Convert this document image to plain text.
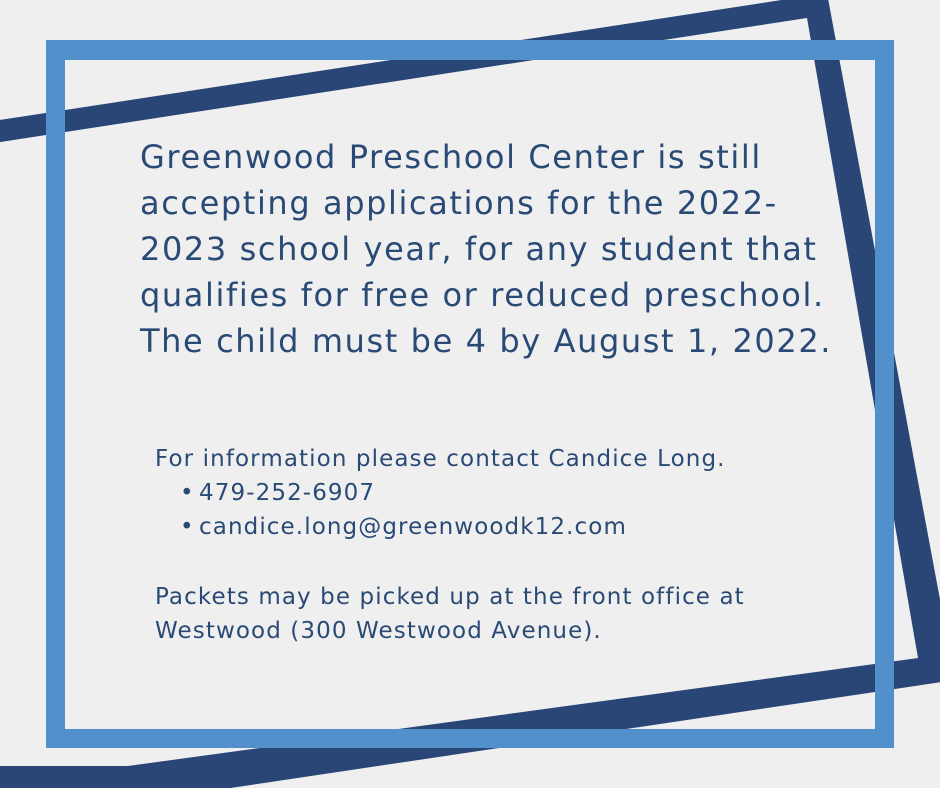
Greenwood Preschool Center is still accepting applications for the 2022-2023 school year, for any student that qualifies for free or reduced preschool. The child must be 4 by August 1, 2022.

For information please contact Candice Long.

• 479-252-6907
• candice.long@greenwoodk12.com

Packets may be picked up at the front office at Westwood (300 Westwood Avenue).
